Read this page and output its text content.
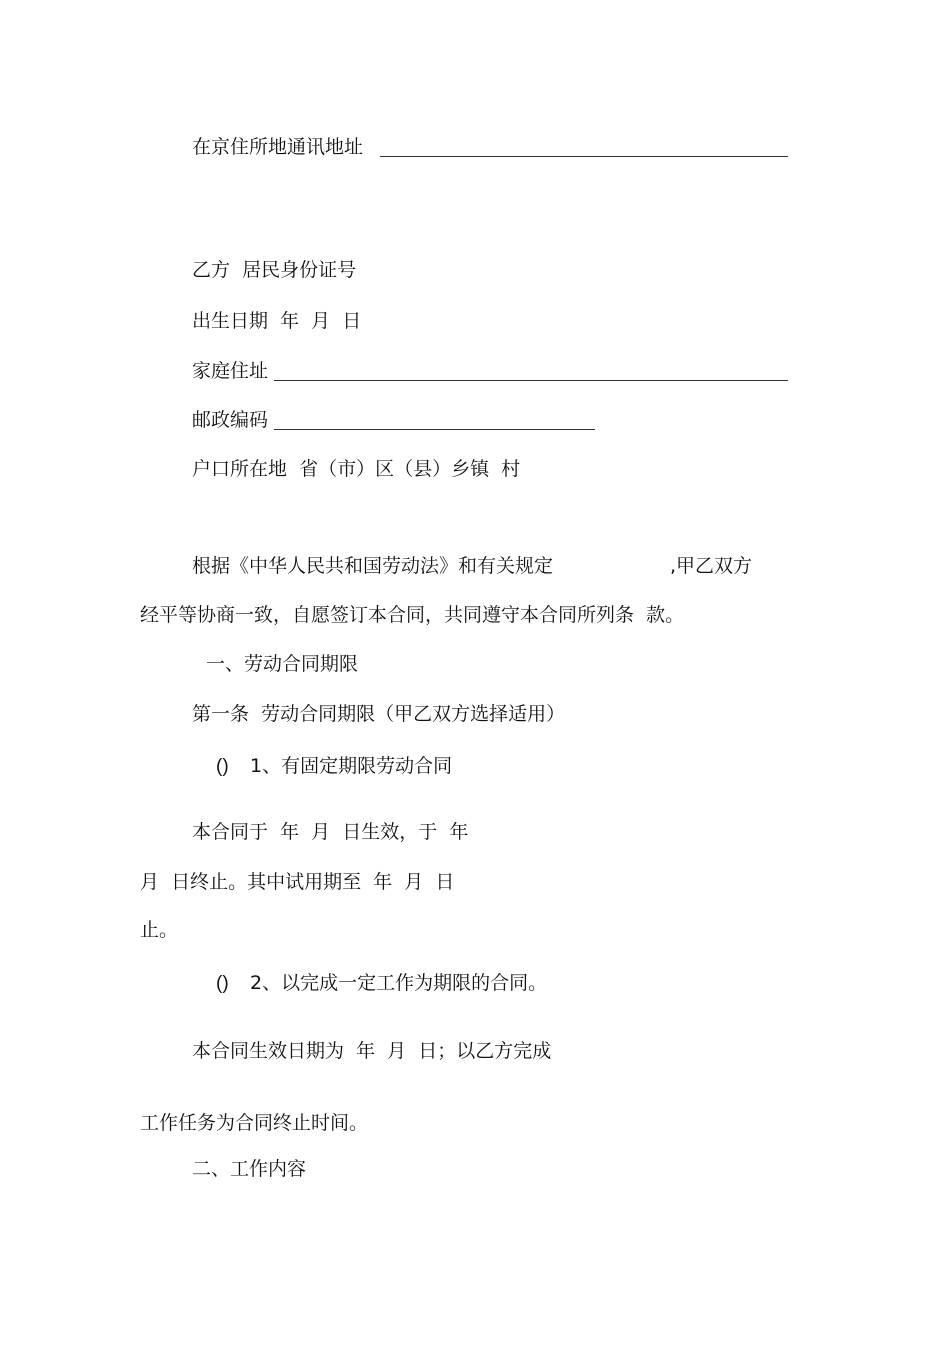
在京住所地通讯地址
乙方  居民身份证号
出生日期  年  月  日
家庭住址
邮政编码
户口所在地  省（市）区（县）乡镇  村
根据《中华人民共和国劳动法》和有关规定	,甲乙双方
经平等协商一致，自愿签订本合同，共同遵守本合同所列条  款。
一、劳动合同期限
第一条  劳动合同期限（甲乙双方选择适用）
() 1、有固定期限劳动合同
本合同于  年  月  日生效，于  年
月  日终止。其中试用期至  年  月  日
止。
() 2、以完成一定工作为期限的合同。
本合同生效日期为  年  月  日；以乙方完成
工作任务为合同终止时间。
二、工作内容
